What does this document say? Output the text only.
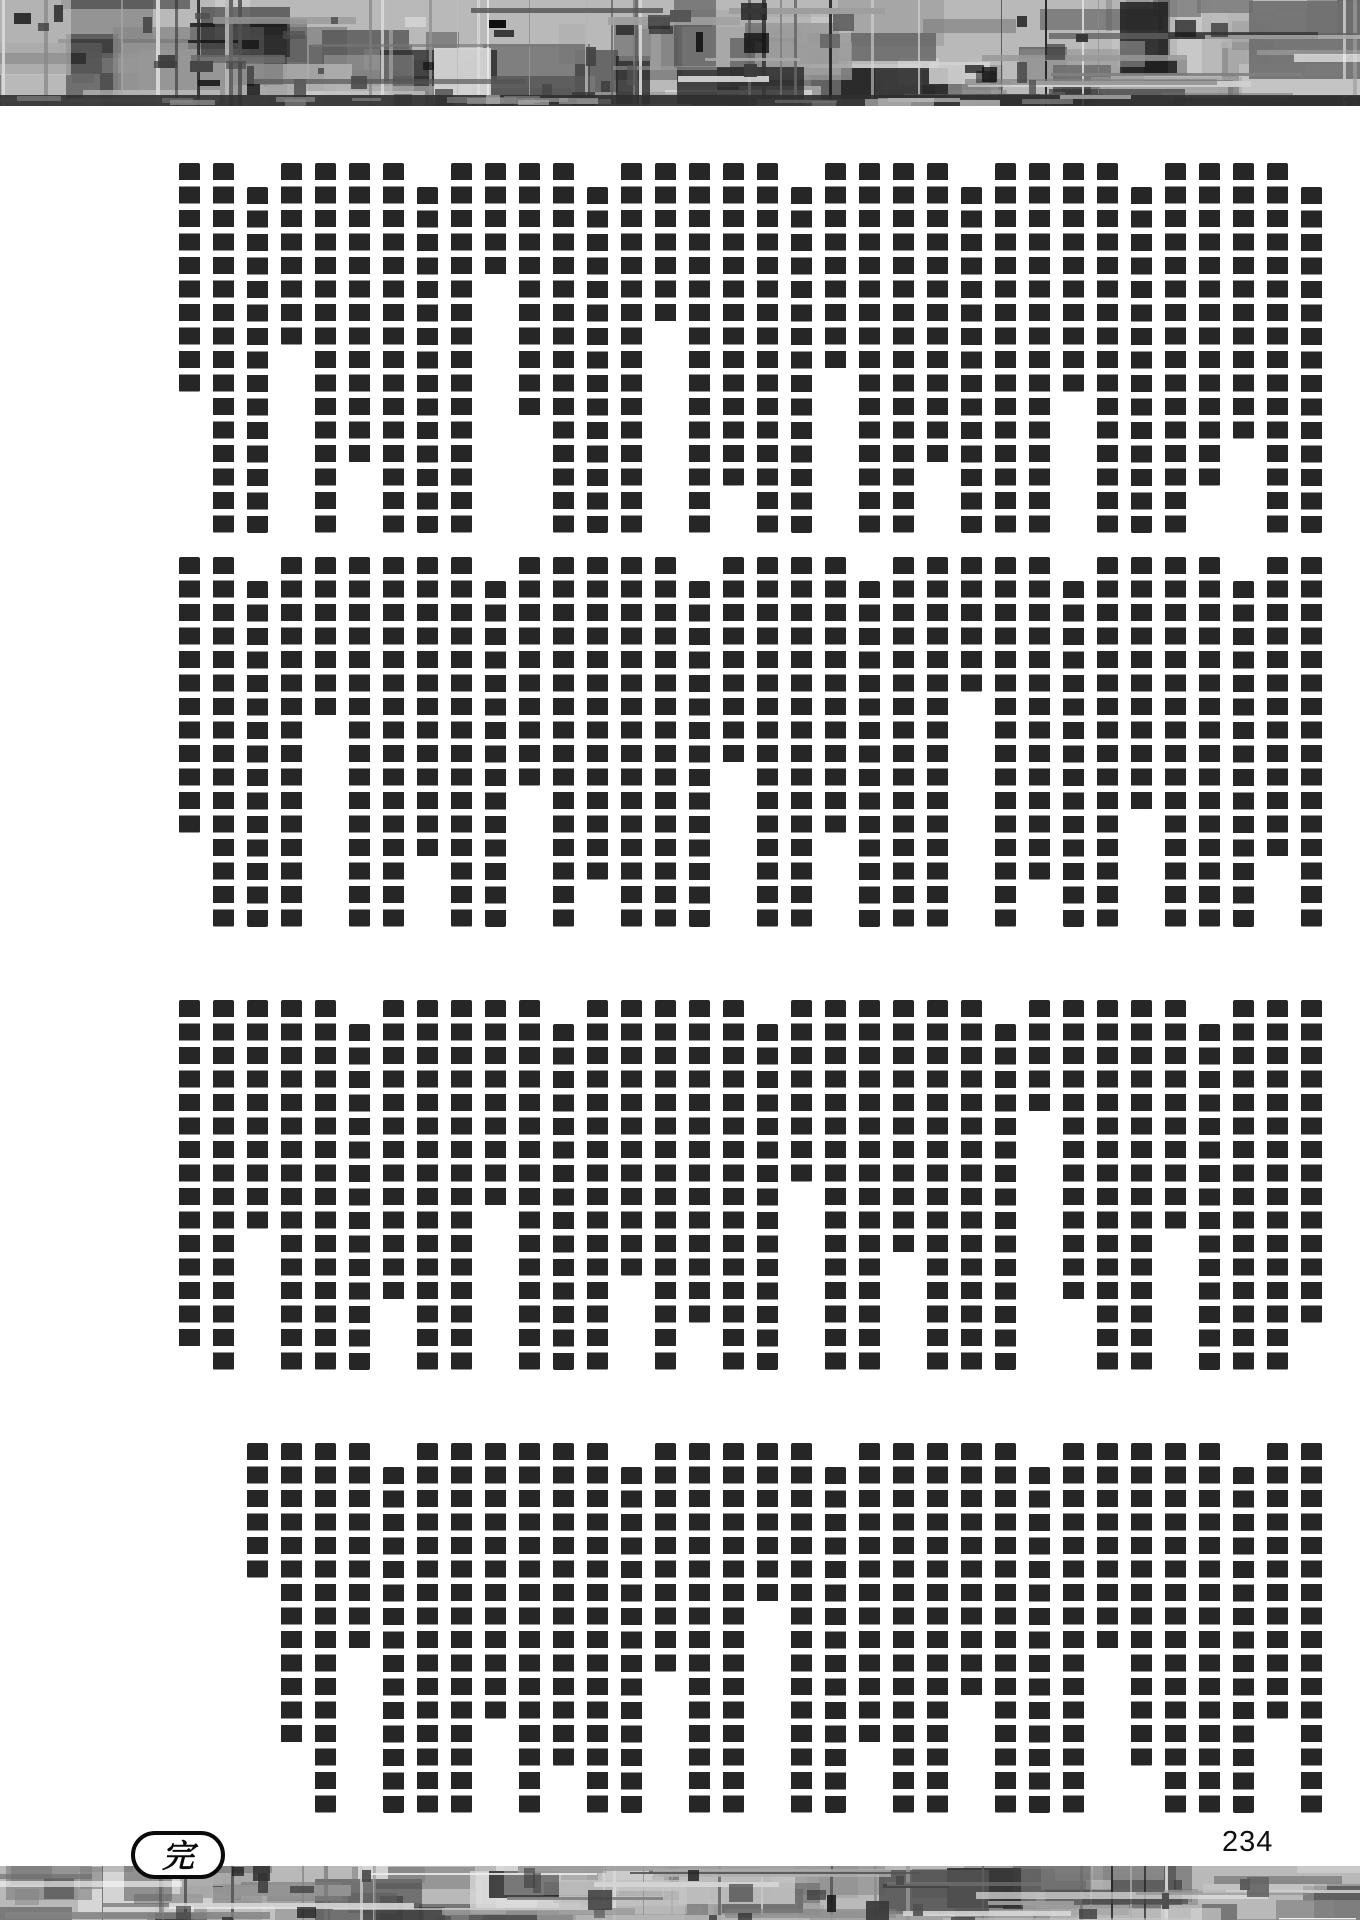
234
完
